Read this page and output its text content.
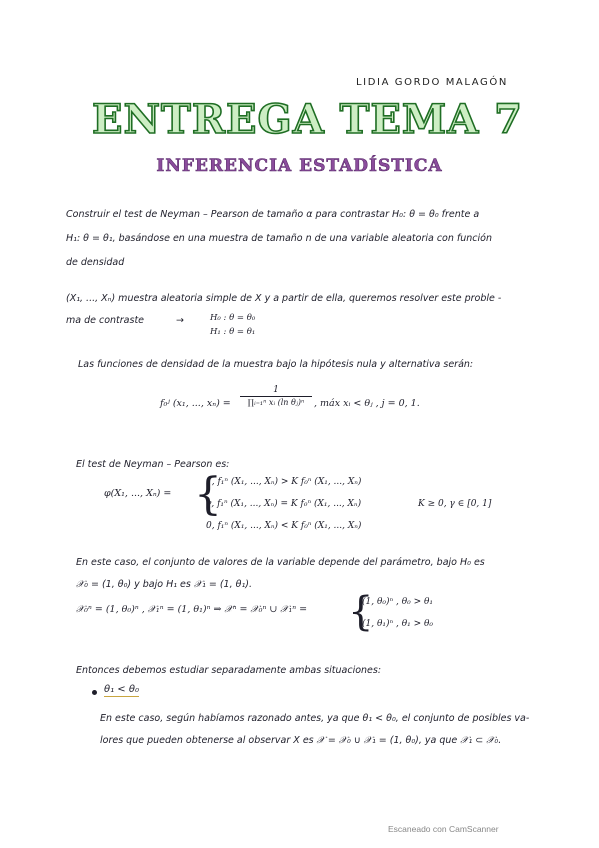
LIDIA GORDO MALAGÓN
ENTREGA TEMA 7
INFERENCIA ESTADÍSTICA
Construir el test de Neyman – Pearson de tamaño α para contrastar H₀: θ = θ₀ frente a
H₁: θ = θ₁, basándose en una muestra de tamaño n de una variable aleatoria con función
de densidad
(X₁, ..., Xₙ) muestra aleatoria simple de X y a partir de ella, queremos resolver este proble -
ma de contraste	→	H₀ : θ = θ₀
H₁ : θ = θ₁
Las funciones de densidad de la muestra bajo la hipótesis nula y alternativa serán:
f₀ʲ (x₁, ..., xₙ) =
1
∏ᵢ₌₁ⁿ xᵢ (ln θⱼ)ⁿ	, máx xᵢ < θⱼ , j = 0, 1.
El test de Neyman – Pearson es:
φ(X₁, ..., Xₙ) = {
1, f₁ⁿ (X₁, ..., Xₙ) > K f₀ⁿ (X₁, ..., Xₙ)
γ, f₁ⁿ (X₁, ..., Xₙ) = K f₀ⁿ (X₁, ..., Xₙ)
0, f₁ⁿ (X₁, ..., Xₙ) < K f₀ⁿ (X₁, ..., Xₙ)
K ≥ 0, γ ∈ [0, 1]
En este caso, el conjunto de valores de la variable depende del parámetro, bajo H₀ es
𝒳₀ = (1, θ₀) y bajo H₁ es 𝒳₁ = (1, θ₁).
𝒳₀ⁿ = (1, θ₀)ⁿ , 𝒳₁ⁿ = (1, θ₁)ⁿ ⇒ 𝒳ⁿ = 𝒳₀ⁿ ∪ 𝒳₁ⁿ = {
(1, θ₀)ⁿ , θ₀ > θ₁
(1, θ₁)ⁿ , θ₁ > θ₀
Entonces debemos estudiar separadamente ambas situaciones:
θ₁ < θ₀
En este caso, según habíamos razonado antes, ya que θ₁ < θ₀, el conjunto de posibles va-
lores que pueden obtenerse al observar X es 𝒳 = 𝒳₀ ∪ 𝒳₁ = (1, θ₀), ya que 𝒳₁ ⊂ 𝒳₀.
Escaneado con CamScanner
